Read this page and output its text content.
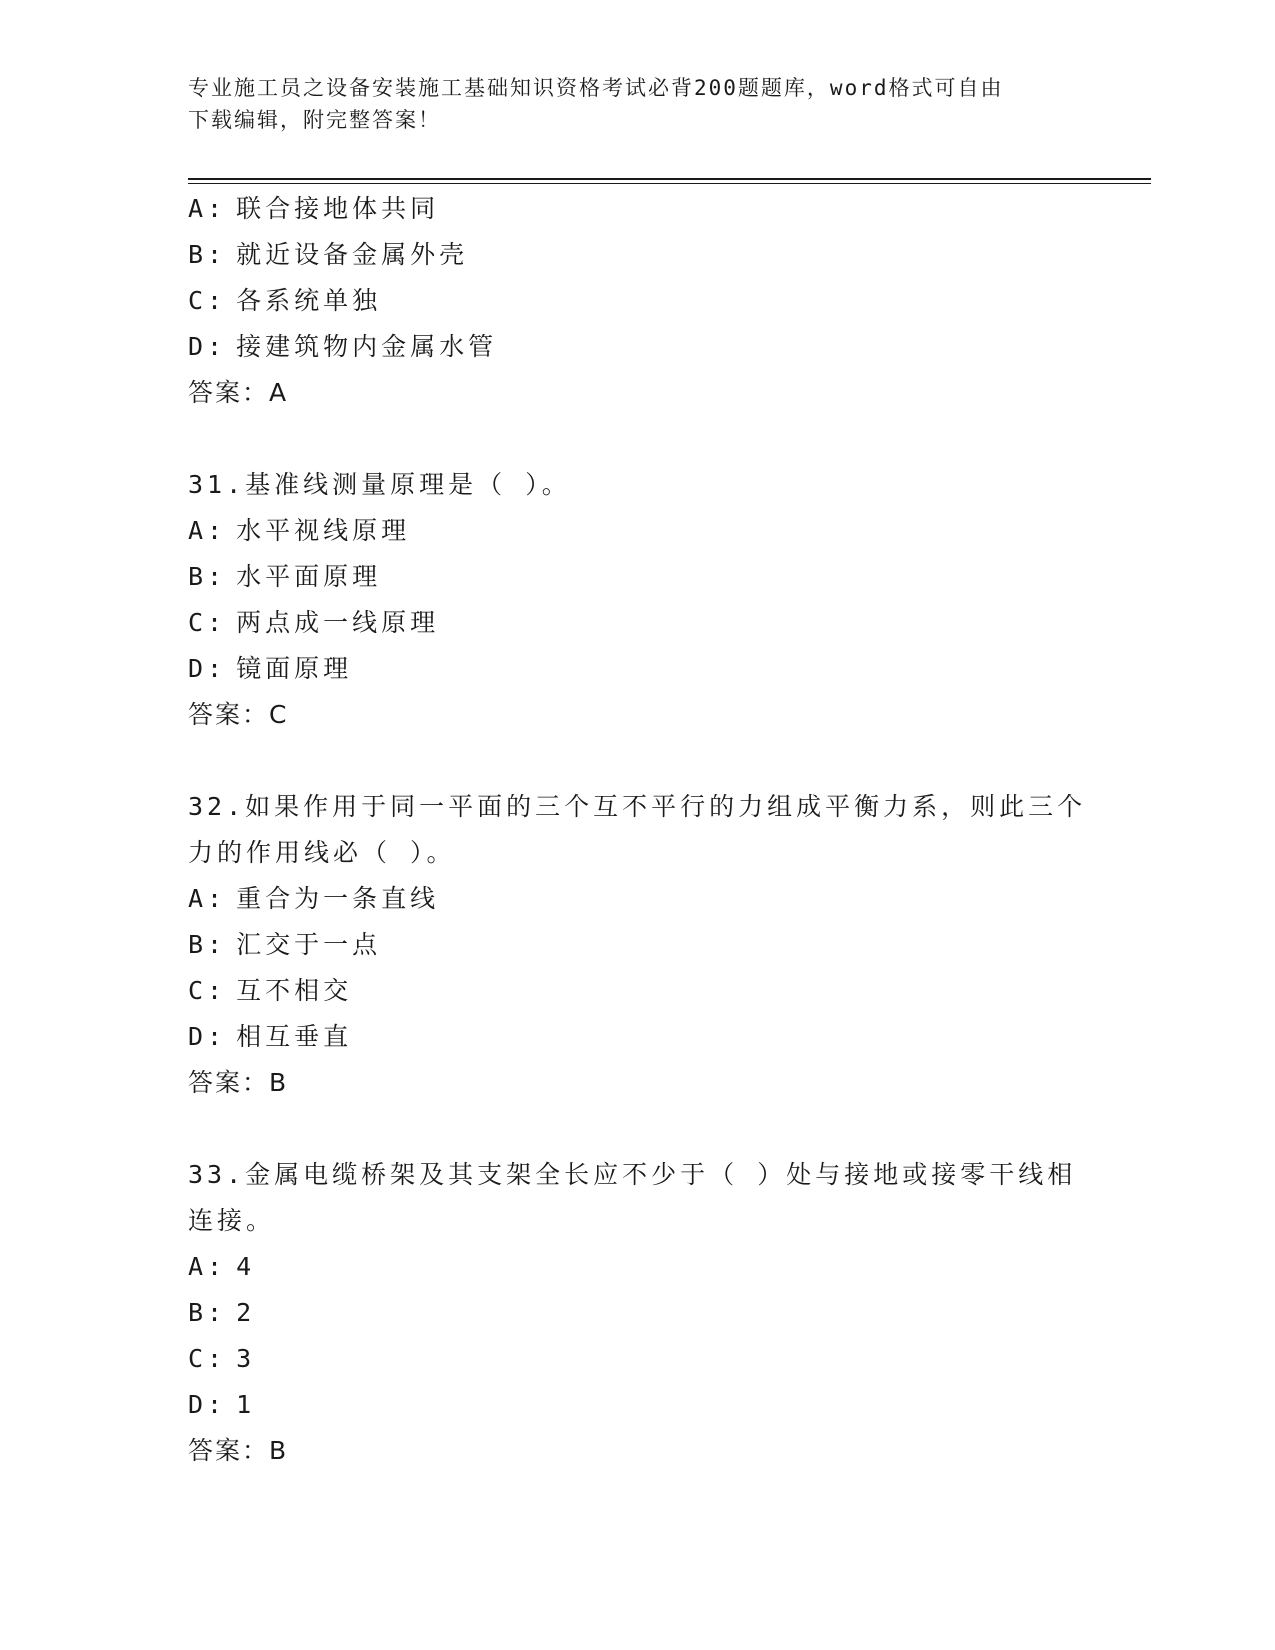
专业施工员之设备安装施工基础知识资格考试必背200题题库，word格式可自由
下载编辑，附完整答案！
A: 联合接地体共同
B: 就近设备金属外壳
C: 各系统单独
D: 接建筑物内金属水管
答案：A
31.基准线测量原理是（ ）。
A: 水平视线原理
B: 水平面原理
C: 两点成一线原理
D: 镜面原理
答案：C
32.如果作用于同一平面的三个互不平行的力组成平衡力系，则此三个
力的作用线必（ ）。
A: 重合为一条直线
B: 汇交于一点
C: 互不相交
D: 相互垂直
答案：B
33.金属电缆桥架及其支架全长应不少于（ ）处与接地或接零干线相
连接。
A: 4
B: 2
C: 3
D: 1
答案：B
